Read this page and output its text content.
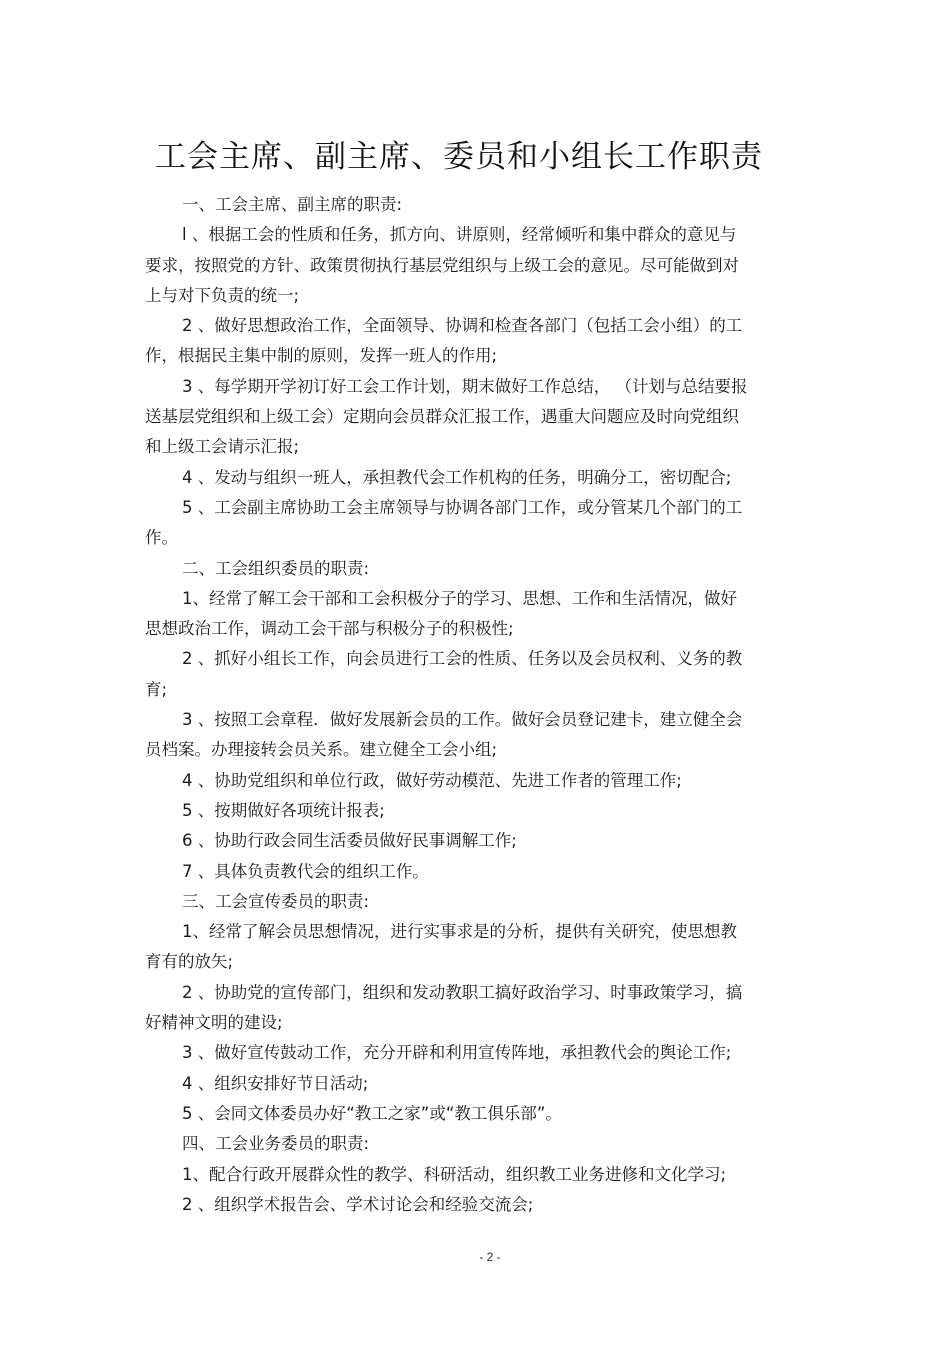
工会主席、副主席、委员和小组长工作职责
一、工会主席、副主席的职责:
l 、根据工会的性质和任务，抓方向、讲原则，经常倾听和集中群众的意见与
要求，按照党的方针、政策贯彻执行基层党组织与上级工会的意见。尽可能做到对
上与对下负责的统一;
2 、做好思想政治工作，全面领导、协调和检查各部门（包括工会小组）的工
作，根据民主集中制的原则，发挥一班人的作用;
3 、每学期开学初订好工会工作计划，期末做好工作总结， （计划与总结要报
送基层党组织和上级工会）定期向会员群众汇报工作，遇重大问题应及时向党组织
和上级工会请示汇报;
4 、发动与组织一班人，承担教代会工作机构的任务，明确分工，密切配合;
5 、工会副主席协助工会主席领导与协调各部门工作，或分管某几个部门的工
作。
二、工会组织委员的职责:
1、经常了解工会干部和工会积极分子的学习、思想、工作和生活情况，做好
思想政治工作，调动工会干部与积极分子的积极性;
2 、抓好小组长工作，向会员进行工会的性质、任务以及会员权利、义务的教
育;
3 、按照工会章程．做好发展新会员的工作。做好会员登记建卡，建立健全会
员档案。办理接转会员关系。建立健全工会小组;
4 、协助党组织和单位行政，做好劳动模范、先进工作者的管理工作;
5 、按期做好各项统计报表;
6 、协助行政会同生活委员做好民事调解工作;
7 、具体负责教代会的组织工作。
三、工会宣传委员的职责:
1、经常了解会员思想情况，进行实事求是的分析，提供有关研究，使思想教
育有的放矢;
2 、协助党的宣传部门，组织和发动教职工搞好政治学习、时事政策学习，搞
好精神文明的建设;
3 、做好宣传鼓动工作，充分开辟和利用宣传阵地，承担教代会的舆论工作;
4 、组织安排好节日活动;
5 、会同文体委员办好“教工之家”或“教工俱乐部”。
四、工会业务委员的职责:
1、配合行政开展群众性的教学、科研活动，组织教工业务进修和文化学习;
2 、组织学术报告会、学术讨论会和经验交流会;
- 2 -
